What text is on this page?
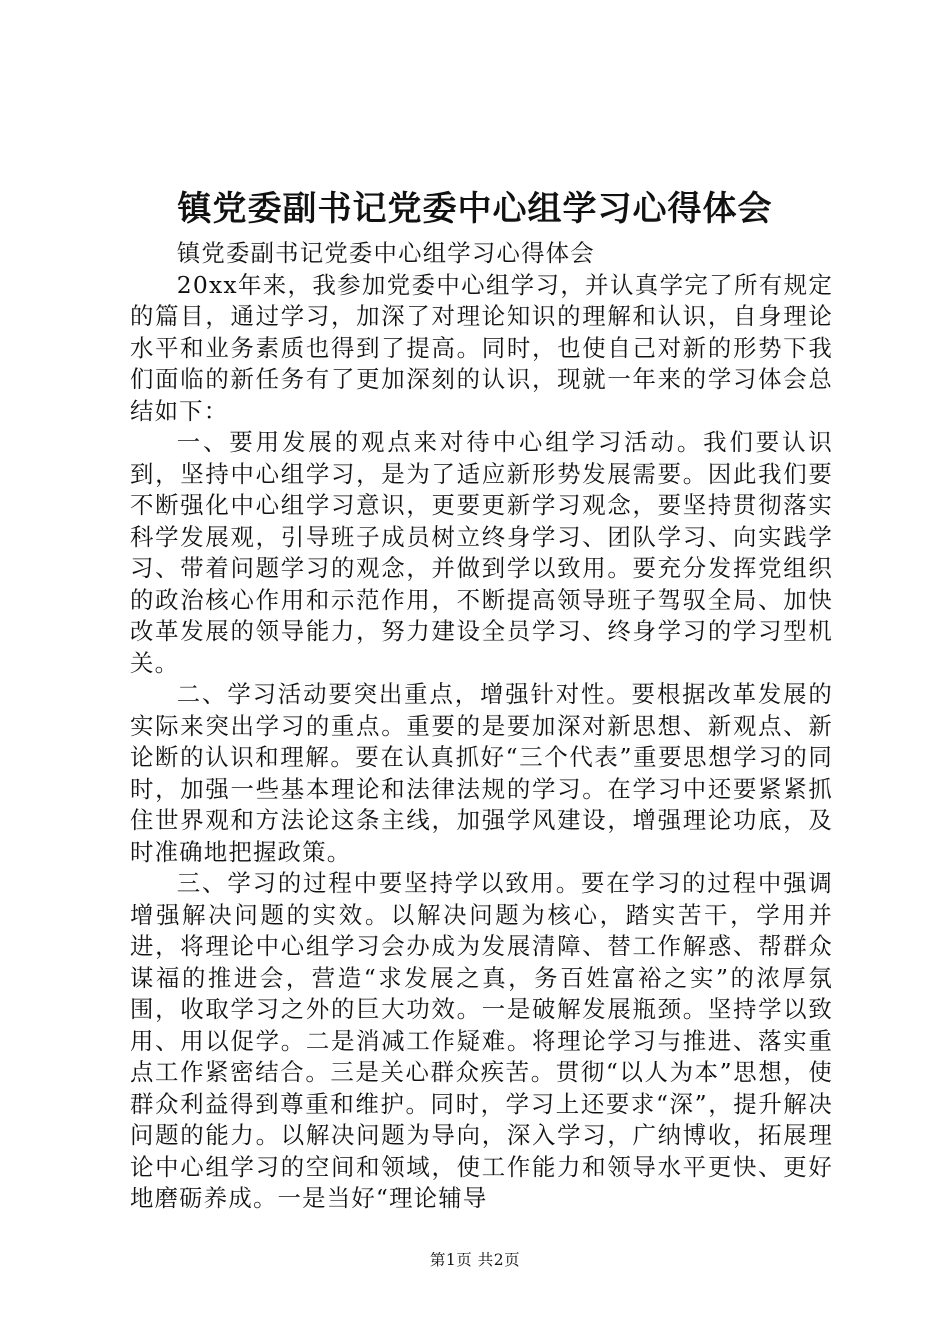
镇党委副书记党委中心组学习心得体会

镇党委副书记党委中心组学习心得体会

20xx年来，我参加党委中心组学习，并认真学完了所有规定的篇目，通过学习，加深了对理论知识的理解和认识，自身理论水平和业务素质也得到了提高。同时，也使自己对新的形势下我们面临的新任务有了更加深刻的认识，现就一年来的学习体会总结如下：

一、要用发展的观点来对待中心组学习活动。我们要认识到，坚持中心组学习，是为了适应新形势发展需要。因此我们要不断强化中心组学习意识，更要更新学习观念，要坚持贯彻落实科学发展观，引导班子成员树立终身学习、团队学习、向实践学习、带着问题学习的观念，并做到学以致用。要充分发挥党组织的政治核心作用和示范作用，不断提高领导班子驾驭全局、加快改革发展的领导能力，努力建设全员学习、终身学习的学习型机关。

二、学习活动要突出重点，增强针对性。要根据改革发展的实际来突出学习的重点。重要的是要加深对新思想、新观点、新论断的认识和理解。要在认真抓好“三个代表”重要思想学习的同时，加强一些基本理论和法律法规的学习。在学习中还要紧紧抓住世界观和方法论这条主线，加强学风建设，增强理论功底，及时准确地把握政策。

三、学习的过程中要坚持学以致用。要在学习的过程中强调增强解决问题的实效。以解决问题为核心，踏实苦干，学用并进，将理论中心组学习会办成为发展清障、替工作解惑、帮群众谋福的推进会，营造“求发展之真，务百姓富裕之实”的浓厚氛围，收取学习之外的巨大功效。一是破解发展瓶颈。坚持学以致用、用以促学。二是消减工作疑难。将理论学习与推进、落实重点工作紧密结合。三是关心群众疾苦。贯彻“以人为本”思想，使群众利益得到尊重和维护。同时，学习上还要求“深”，提升解决问题的能力。以解决问题为导向，深入学习，广纳博收，拓展理论中心组学习的空间和领域，使工作能力和领导水平更快、更好地磨砺养成。一是当好“理论辅导

第1页 共2页
